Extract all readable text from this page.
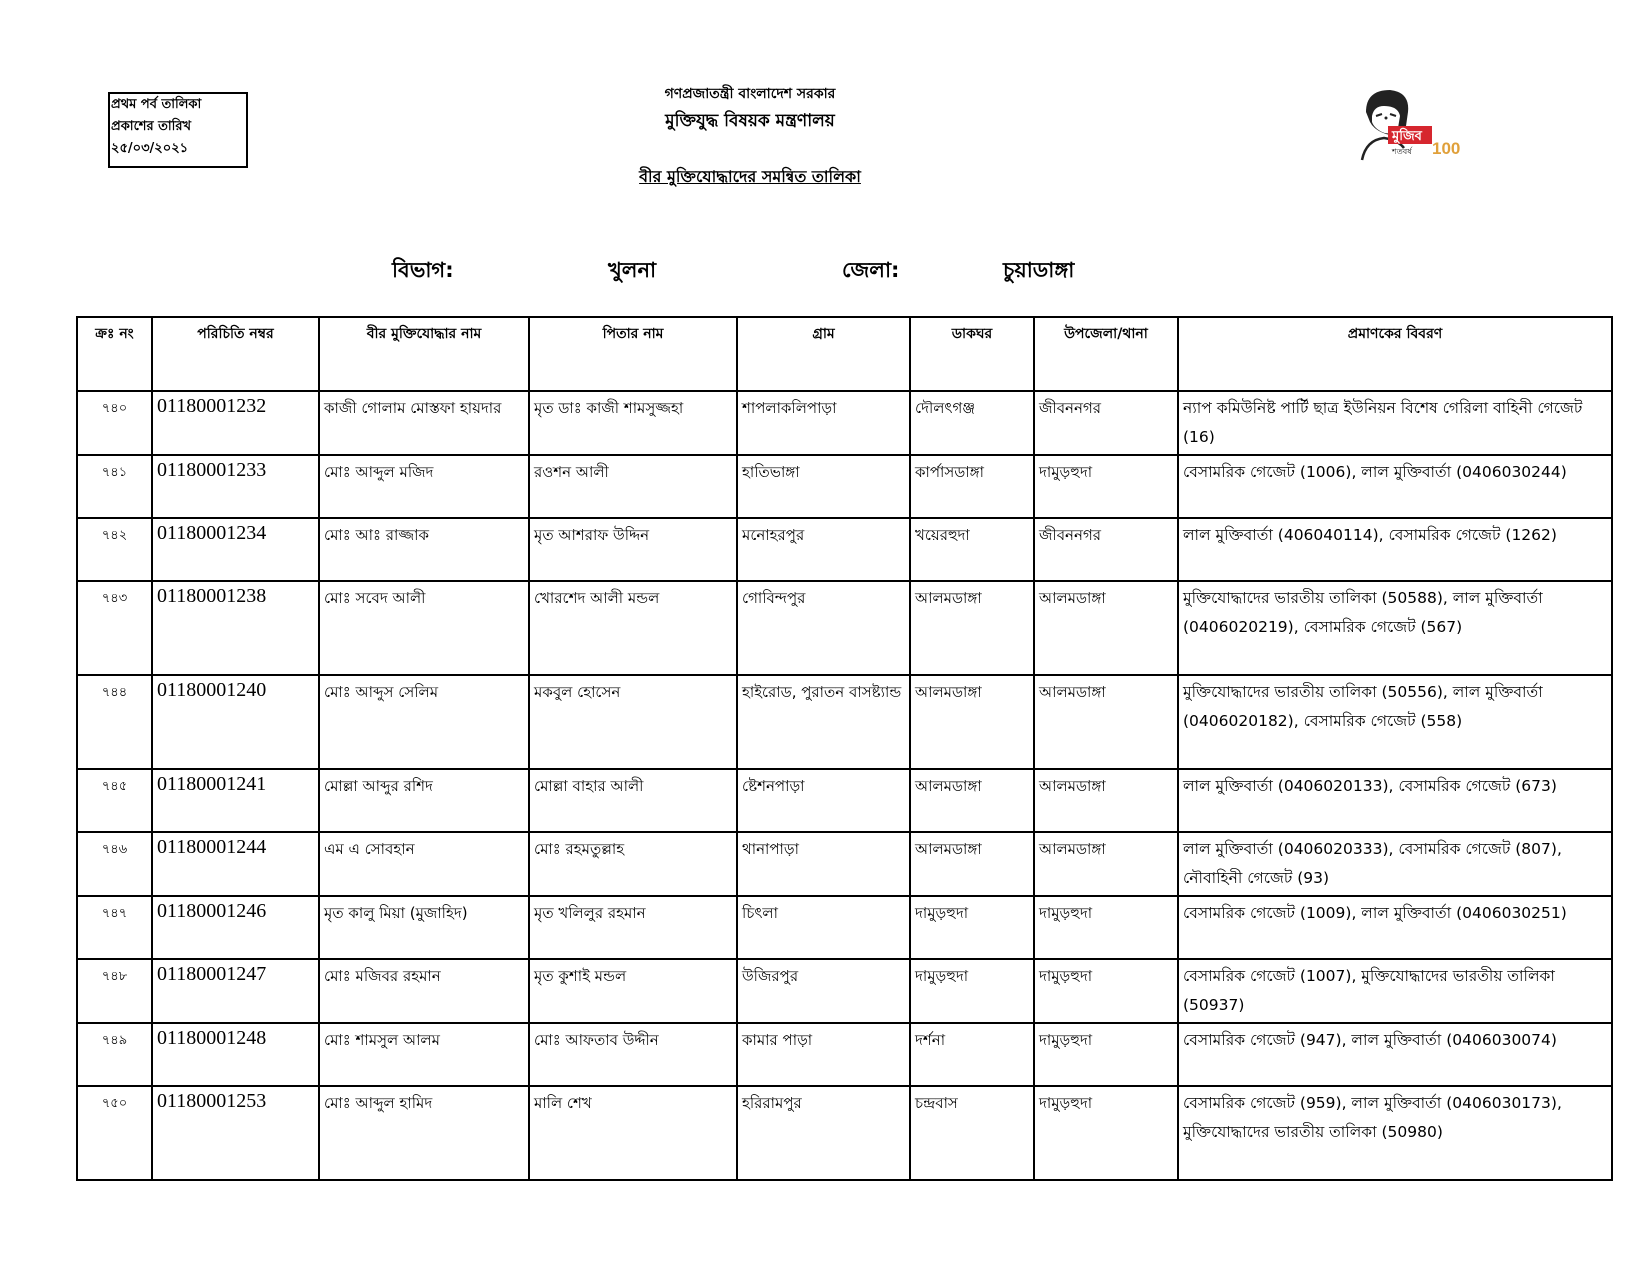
প্রথম পর্ব তালিকা
প্রকাশের তারিখ
২৫/০৩/২০২১
গণপ্রজাতন্ত্রী বাংলাদেশ সরকার
মুক্তিযুদ্ধ বিষয়ক মন্ত্রণালয়
বীর মুক্তিযোদ্ধাদের সমন্বিত তালিকা
মুজিব
শতবর্ষ 100
বিভাগ:	খুলনা	জেলা:	চুয়াডাঙ্গা
ক্রঃ নং	পরিচিতি নম্বর	বীর মুক্তিযোদ্ধার নাম	পিতার নাম	গ্রাম	ডাকঘর	উপজেলা/থানা	প্রমাণকের বিবরণ
৭৪০	01180001232	কাজী গোলাম মোস্তফা হায়দার	মৃত ডাঃ কাজী শামসুজ্জহা	শাপলাকলিপাড়া	দৌলৎগঞ্জ	জীবননগর	ন্যাপ কমিউনিষ্ট পার্টি ছাত্র ইউনিয়ন বিশেষ গেরিলা বাহিনী গেজেট (16)
৭৪১	01180001233	মোঃ আব্দুল মজিদ	রওশন আলী	হাতিভাঙ্গা	কার্পাসডাঙ্গা	দামুড়হুদা	বেসামরিক গেজেট (1006), লাল মুক্তিবার্তা (0406030244)
৭৪২	01180001234	মোঃ আঃ রাজ্জাক	মৃত আশরাফ উদ্দিন	মনোহরপুর	খয়েরহুদা	জীবননগর	লাল মুক্তিবার্তা (406040114), বেসামরিক গেজেট (1262)
৭৪৩	01180001238	মোঃ সবেদ আলী	খোরশেদ আলী মন্ডল	গোবিন্দপুর	আলমডাঙ্গা	আলমডাঙ্গা	মুক্তিযোদ্ধাদের ভারতীয় তালিকা (50588), লাল মুক্তিবার্তা (0406020219), বেসামরিক গেজেট (567)
৭৪৪	01180001240	মোঃ আব্দুস সেলিম	মকবুল হোসেন	হাইরোড, পুরাতন বাসষ্ট্যান্ড	আলমডাঙ্গা	আলমডাঙ্গা	মুক্তিযোদ্ধাদের ভারতীয় তালিকা (50556), লাল মুক্তিবার্তা (0406020182), বেসামরিক গেজেট (558)
৭৪৫	01180001241	মোল্লা আব্দুর রশিদ	মোল্লা বাহার আলী	ষ্টেশনপাড়া	আলমডাঙ্গা	আলমডাঙ্গা	লাল মুক্তিবার্তা (0406020133), বেসামরিক গেজেট (673)
৭৪৬	01180001244	এম এ সোবহান	মোঃ রহমতুল্লাহ	থানাপাড়া	আলমডাঙ্গা	আলমডাঙ্গা	লাল মুক্তিবার্তা (0406020333), বেসামরিক গেজেট (807), নৌবাহিনী গেজেট (93)
৭৪৭	01180001246	মৃত কালু মিয়া (মুজাহিদ)	মৃত খলিলুর রহমান	চিৎলা	দামুড়হুদা	দামুড়হুদা	বেসামরিক গেজেট (1009), লাল মুক্তিবার্তা (0406030251)
৭৪৮	01180001247	মোঃ মজিবর রহমান	মৃত কুশাই মন্ডল	উজিরপুর	দামুড়হুদা	দামুড়হুদা	বেসামরিক গেজেট (1007), মুক্তিযোদ্ধাদের ভারতীয় তালিকা (50937)
৭৪৯	01180001248	মোঃ শামসুল আলম	মোঃ আফতাব উদ্দীন	কামার পাড়া	দর্শনা	দামুড়হুদা	বেসামরিক গেজেট (947), লাল মুক্তিবার্তা (0406030074)
৭৫০	01180001253	মোঃ আব্দুল হামিদ	মালি শেখ	হরিরামপুর	চন্দ্রবাস	দামুড়হুদা	বেসামরিক গেজেট (959), লাল মুক্তিবার্তা (0406030173), মুক্তিযোদ্ধাদের ভারতীয় তালিকা (50980)
